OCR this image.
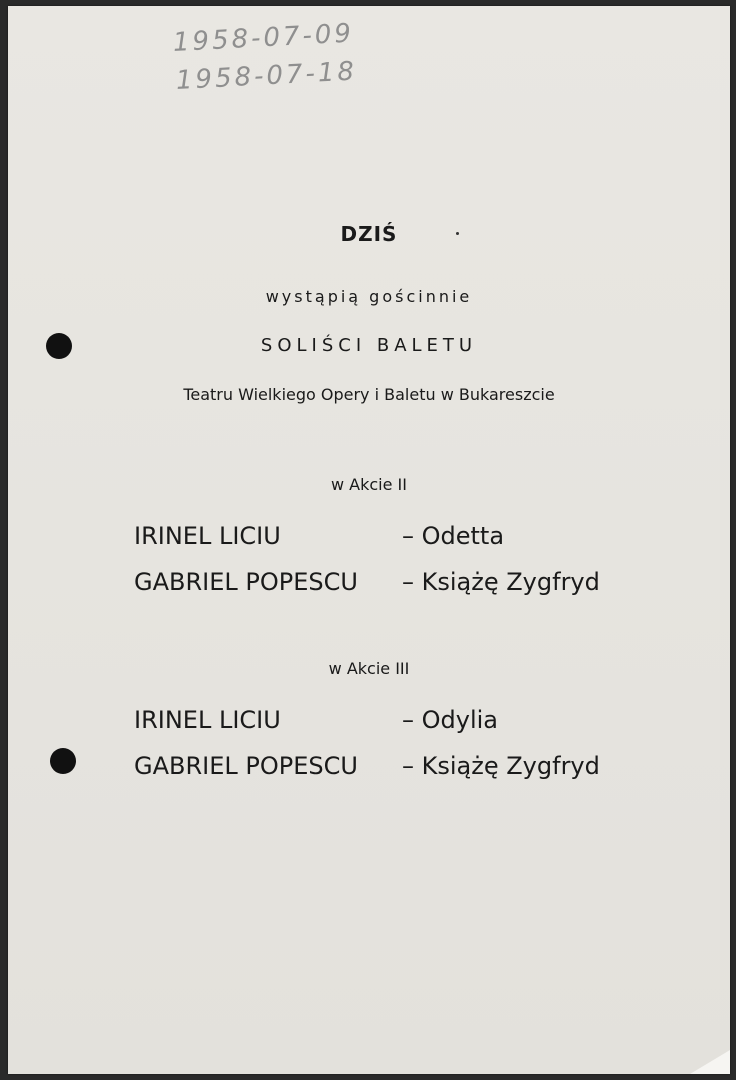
1958-07-09
1958-07-18
DZIŚ
wystąpią gościnnie
SOLIŚCI BALETU
Teatru Wielkiego Opery i Baletu w Bukareszcie
w Akcie II
IRINEL LICIU	– Odetta
GABRIEL POPESCU – Książę Zygfryd
w Akcie III
IRINEL LICIU	– Odylia
GABRIEL POPESCU – Książę Zygfryd
